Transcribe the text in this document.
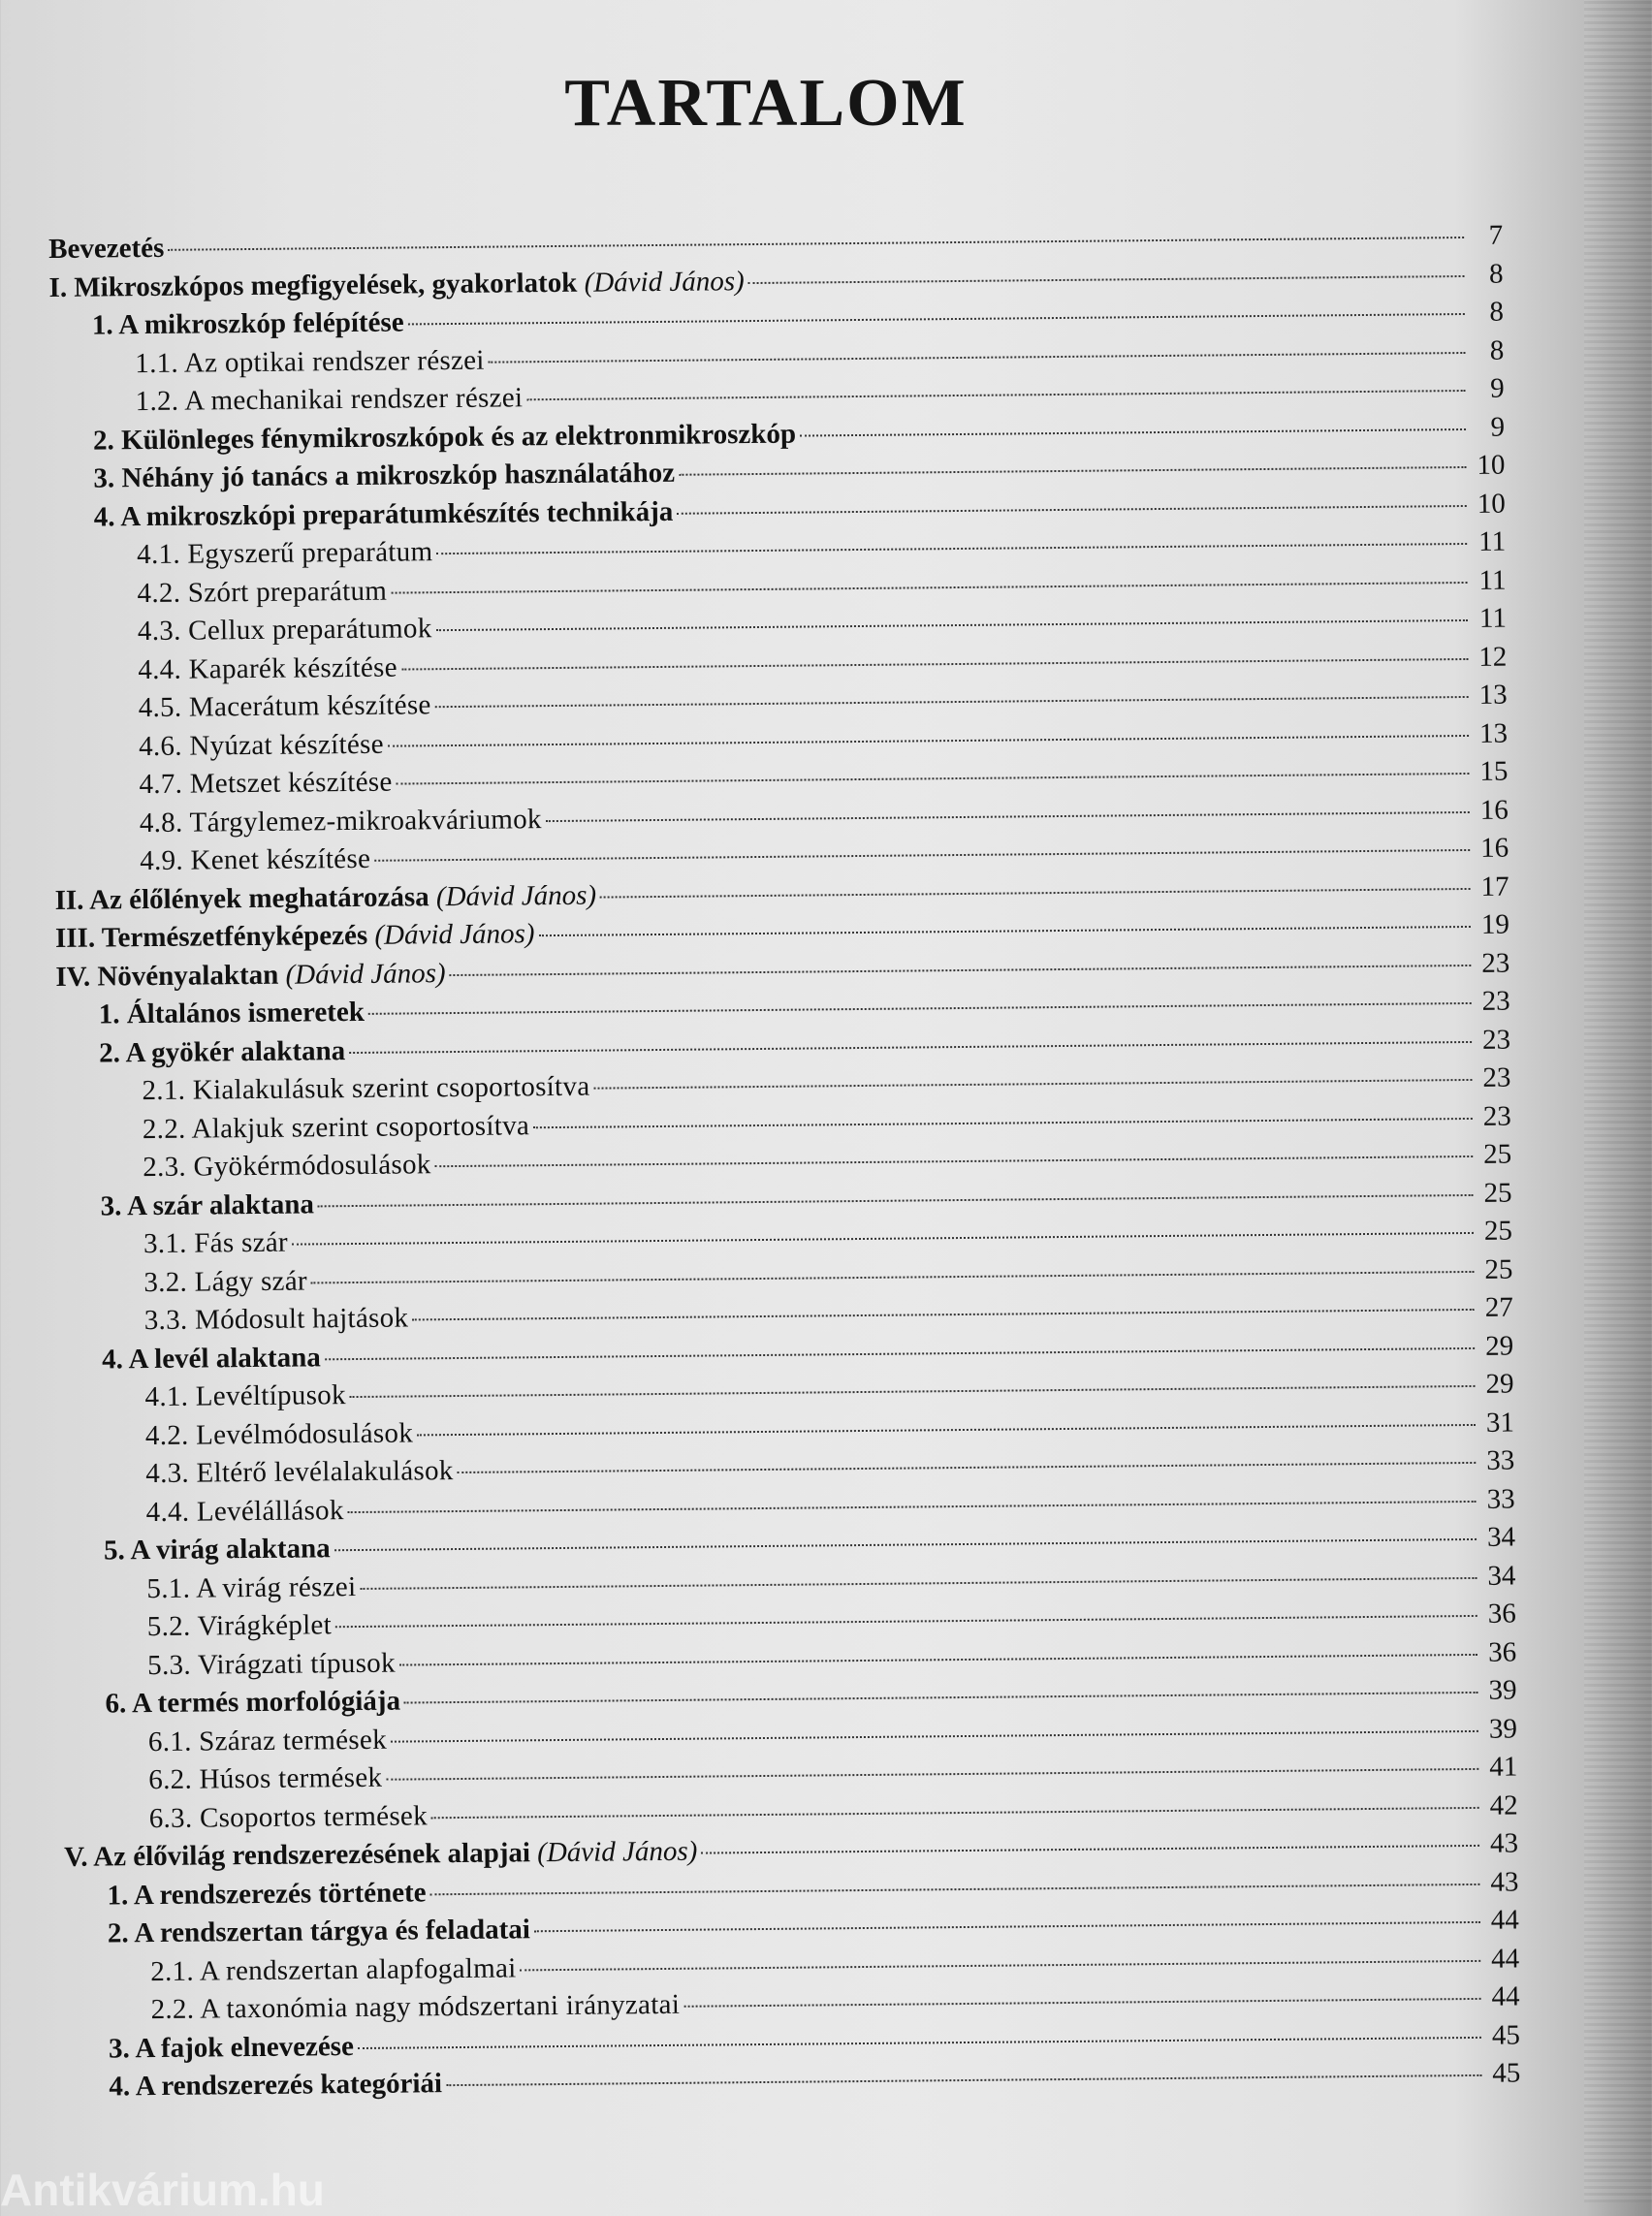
TARTALOM
Bevezetés	7
I. Mikroszkópos megfigyelések, gyakorlatok (Dávid János)	8
1. A mikroszkóp felépítése	8
1.1. Az optikai rendszer részei	8
1.2. A mechanikai rendszer részei	9
2. Különleges fénymikroszkópok és az elektronmikroszkóp	9
3. Néhány jó tanács a mikroszkóp használatához	10
4. A mikroszkópi preparátumkészítés technikája	10
4.1. Egyszerű preparátum	11
4.2. Szórt preparátum	11
4.3. Cellux preparátumok	11
4.4. Kaparék készítése	12
4.5. Macerátum készítése	13
4.6. Nyúzat készítése	13
4.7. Metszet készítése	15
4.8. Tárgylemez-mikroakváriumok	16
4.9. Kenet készítése	16
II. Az élőlények meghatározása (Dávid János)	17
III. Természetfényképezés (Dávid János)	19
IV. Növényalaktan (Dávid János)	23
1. Általános ismeretek	23
2. A gyökér alaktana	23
2.1. Kialakulásuk szerint csoportosítva	23
2.2. Alakjuk szerint csoportosítva	23
2.3. Gyökérmódosulások	25
3. A szár alaktana	25
3.1. Fás szár	25
3.2. Lágy szár	25
3.3. Módosult hajtások	27
4. A levél alaktana	29
4.1. Levéltípusok	29
4.2. Levélmódosulások	31
4.3. Eltérő levélalakulások	33
4.4. Levélállások	33
5. A virág alaktana	34
5.1. A virág részei	34
5.2. Virágképlet	36
5.3. Virágzati típusok	36
6. A termés morfológiája	39
6.1. Száraz termések	39
6.2. Húsos termések	41
6.3. Csoportos termések	42
V. Az élővilág rendszerezésének alapjai (Dávid János)	43
1. A rendszerezés története	43
2. A rendszertan tárgya és feladatai	44
2.1. A rendszertan alapfogalmai	44
2.2. A taxonómia nagy módszertani irányzatai	44
3. A fajok elnevezése	45
4. A rendszerezés kategóriái	45
Antikvárium.hu
